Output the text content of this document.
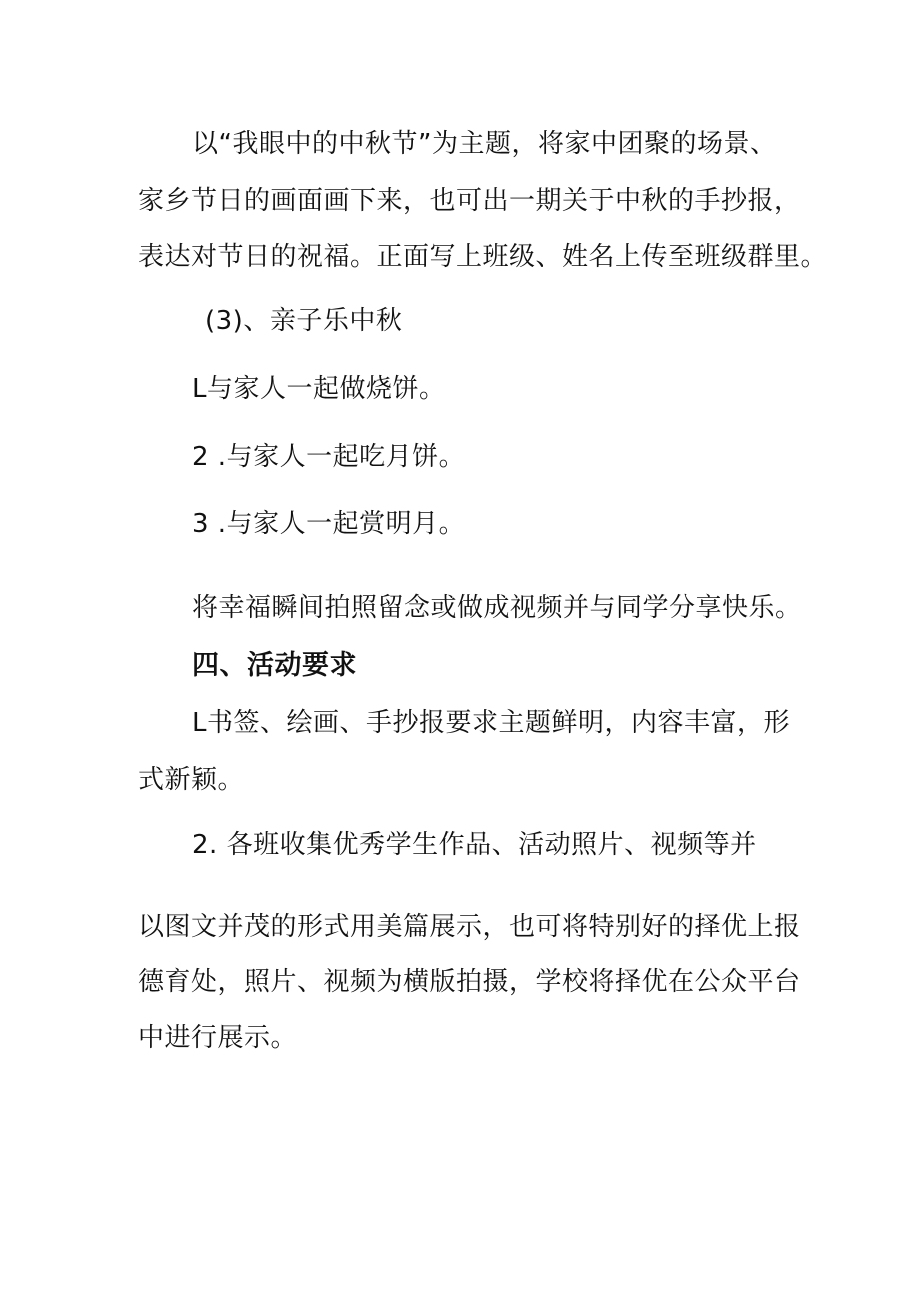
以“我眼中的中秋节”为主题，将家中团聚的场景、
家乡节日的画面画下来，也可出一期关于中秋的手抄报，
表达对节日的祝福。正面写上班级、姓名上传至班级群里。
(3)、亲子乐中秋
L与家人一起做烧饼。
2 .与家人一起吃月饼。
3 .与家人一起赏明月。
将幸福瞬间拍照留念或做成视频并与同学分享快乐。
四、活动要求
L书签、绘画、手抄报要求主题鲜明，内容丰富，形
式新颖。
2. 各班收集优秀学生作品、活动照片、视频等并
以图文并茂的形式用美篇展示，也可将特别好的择优上报
德育处，照片、视频为横版拍摄，学校将择优在公众平台
中进行展示。
